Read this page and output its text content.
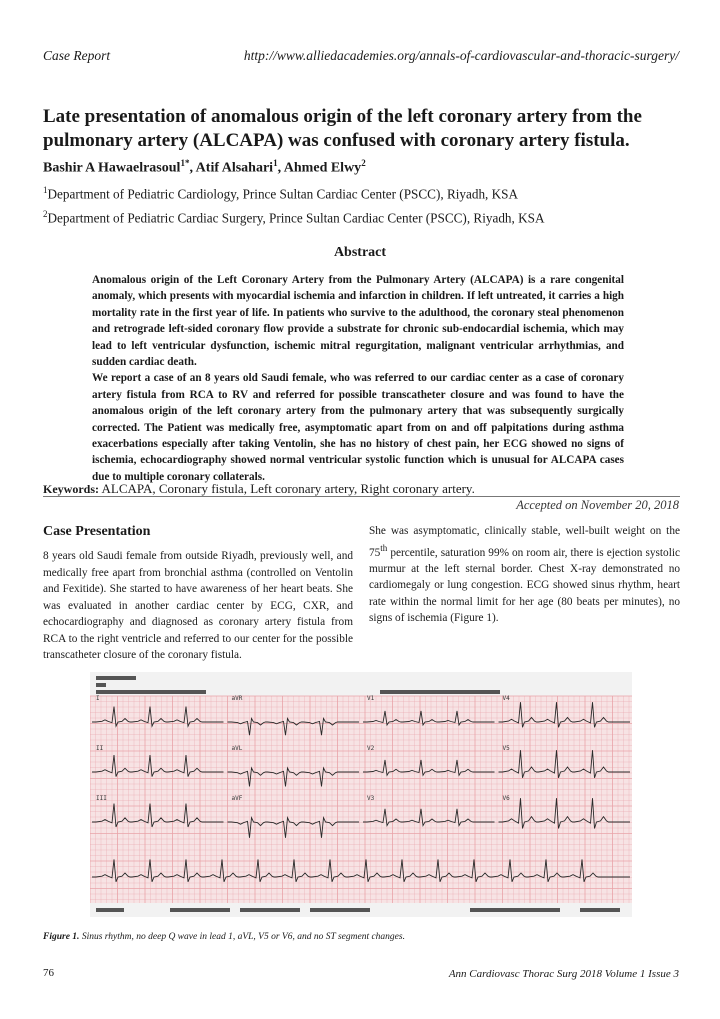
Case Report	http://www.alliedacademies.org/annals-of-cardiovascular-and-thoracic-surgery/
Late presentation of anomalous origin of the left coronary artery from the pulmonary artery (ALCAPA) was confused with coronary artery fistula.
Bashir A Hawaelrasoul$^{1*}$, Atif Alsahari$^1$, Ahmed Elwy$^2$
$^1$Department of Pediatric Cardiology, Prince Sultan Cardiac Center (PSCC), Riyadh, KSA
$^2$Department of Pediatric Cardiac Surgery, Prince Sultan Cardiac Center (PSCC), Riyadh, KSA
Abstract

Anomalous origin of the Left Coronary Artery from the Pulmonary Artery (ALCAPA) is a rare congenital anomaly, which presents with myocardial ischemia and infarction in children. If left untreated, it carries a high mortality rate in the first year of life. In patients who survive to the adulthood, the coronary steal phenomenon and retrograde left-sided coronary flow provide a substrate for chronic sub-endocardial ischemia, which may lead to left ventricular dysfunction, ischemic mitral regurgitation, malignant ventricular arrhythmias, and sudden cardiac death.

We report a case of an 8 years old Saudi female, who was referred to our cardiac center as a case of coronary artery fistula from RCA to RV and referred for possible transcatheter closure and was found to have the anomalous origin of the left coronary artery from the pulmonary artery that was subsequently surgically corrected. The Patient was medically free, asymptomatic apart from on and off palpitations during asthma exacerbations especially after taking Ventolin, she has no history of chest pain, her ECG showed no signs of ischemia, echocardiography showed normal ventricular systolic function which is unusual for ALCAPA cases due to multiple coronary collaterals.

Keywords: ALCAPA, Coronary fistula, Left coronary artery, Right coronary artery.
Accepted on November 20, 2018
Case Presentation

8 years old Saudi female from outside Riyadh, previously well, and medically free apart from bronchial asthma (controlled on Ventolin and Fexitide). She started to have awareness of her heart beats. She was evaluated in another cardiac center by ECG, CXR, and echocardiography and diagnosed as coronary artery fistula from RCA to the right ventricle and referred to our center for the possible transcatheter closure of the coronary fistula.

She was asymptomatic, clinically stable, well-built weight on the 75th percentile, saturation 99% on room air, there is ejection systolic murmur at the left sternal border. Chest X-ray demonstrated no cardiomegaly or lung congestion. ECG showed sinus rhythm, heart rate within the normal limit for her age (80 beats per minutes), no signs of ischemia (Figure 1).

I	aVR	V1	V4
II	aVL	V2	V5
III	aVF	V3	V6
Figure 1. Sinus rhythm, no deep Q wave in lead 1, aVL, V5 or V6, and no ST segment changes.
76	Ann Cardiovasc Thorac Surg 2018 Volume 1 Issue 3
